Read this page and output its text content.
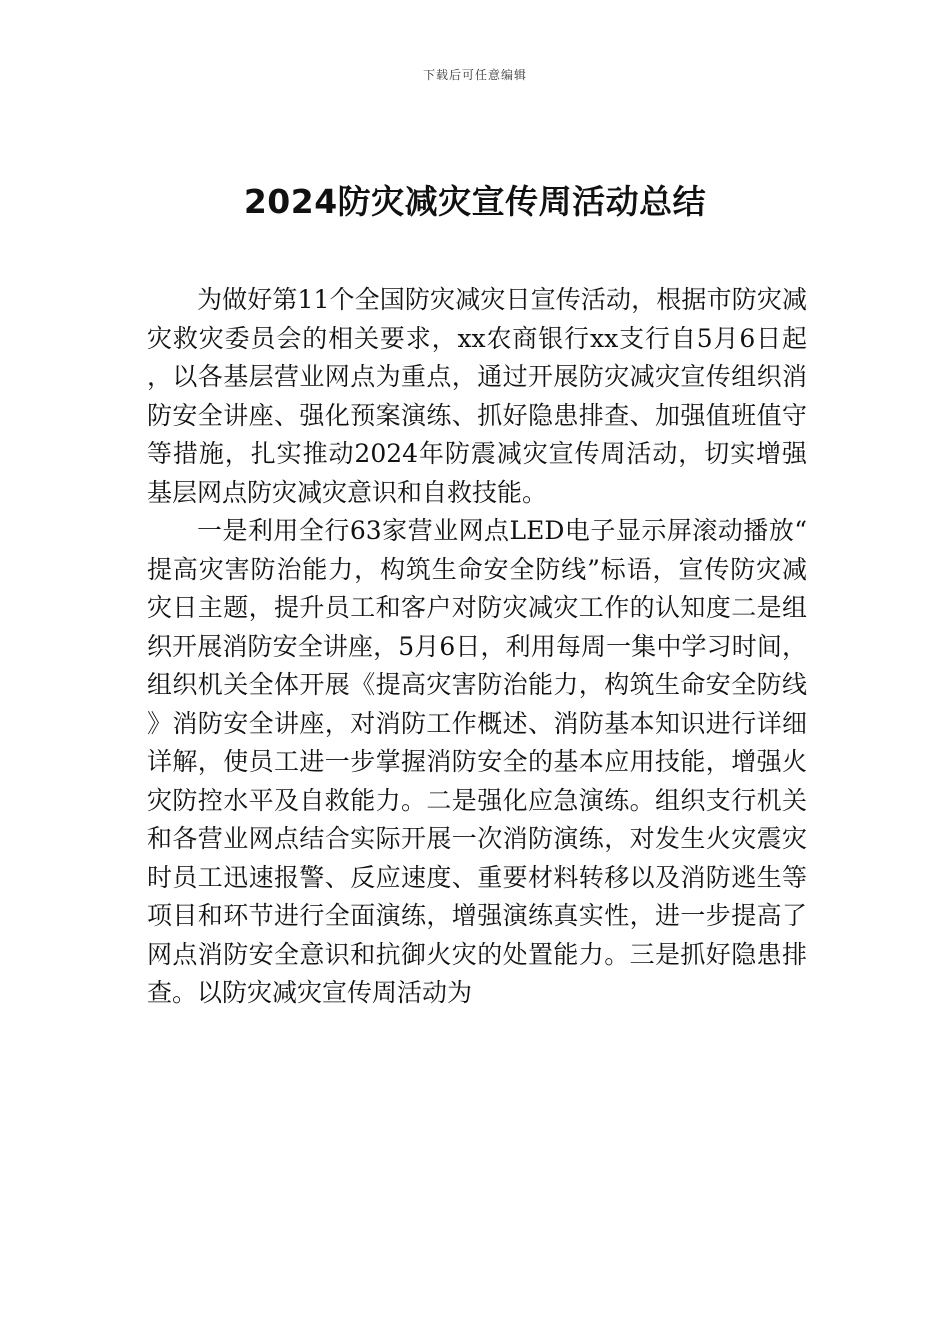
下载后可任意编辑
2024防灾减灾宣传周活动总结

为做好第11个全国防灾减灾日宣传活动，根据市防灾减灾救灾委员会的相关要求，xx农商银行xx支行自5月6日起，以各基层营业网点为重点，通过开展防灾减灾宣传组织消防安全讲座、强化预案演练、抓好隐患排查、加强值班值守等措施，扎实推动2024年防震减灾宣传周活动，切实增强基层网点防灾减灾意识和自救技能。

一是利用全行63家营业网点LED电子显示屏滚动播放“提高灾害防治能力，构筑生命安全防线”标语，宣传防灾减灾日主题，提升员工和客户对防灾减灾工作的认知度二是组织开展消防安全讲座，5月6日，利用每周一集中学习时间，组织机关全体开展《提高灾害防治能力，构筑生命安全防线》消防安全讲座，对消防工作概述、消防基本知识进行详细详解，使员工进一步掌握消防安全的基本应用技能，增强火灾防控水平及自救能力。二是强化应急演练。组织支行机关和各营业网点结合实际开展一次消防演练，对发生火灾震灾时员工迅速报警、反应速度、重要材料转移以及消防逃生等项目和环节进行全面演练，增强演练真实性，进一步提高了网点消防安全意识和抗御火灾的处置能力。三是抓好隐患排查。以防灾减灾宣传周活动为
